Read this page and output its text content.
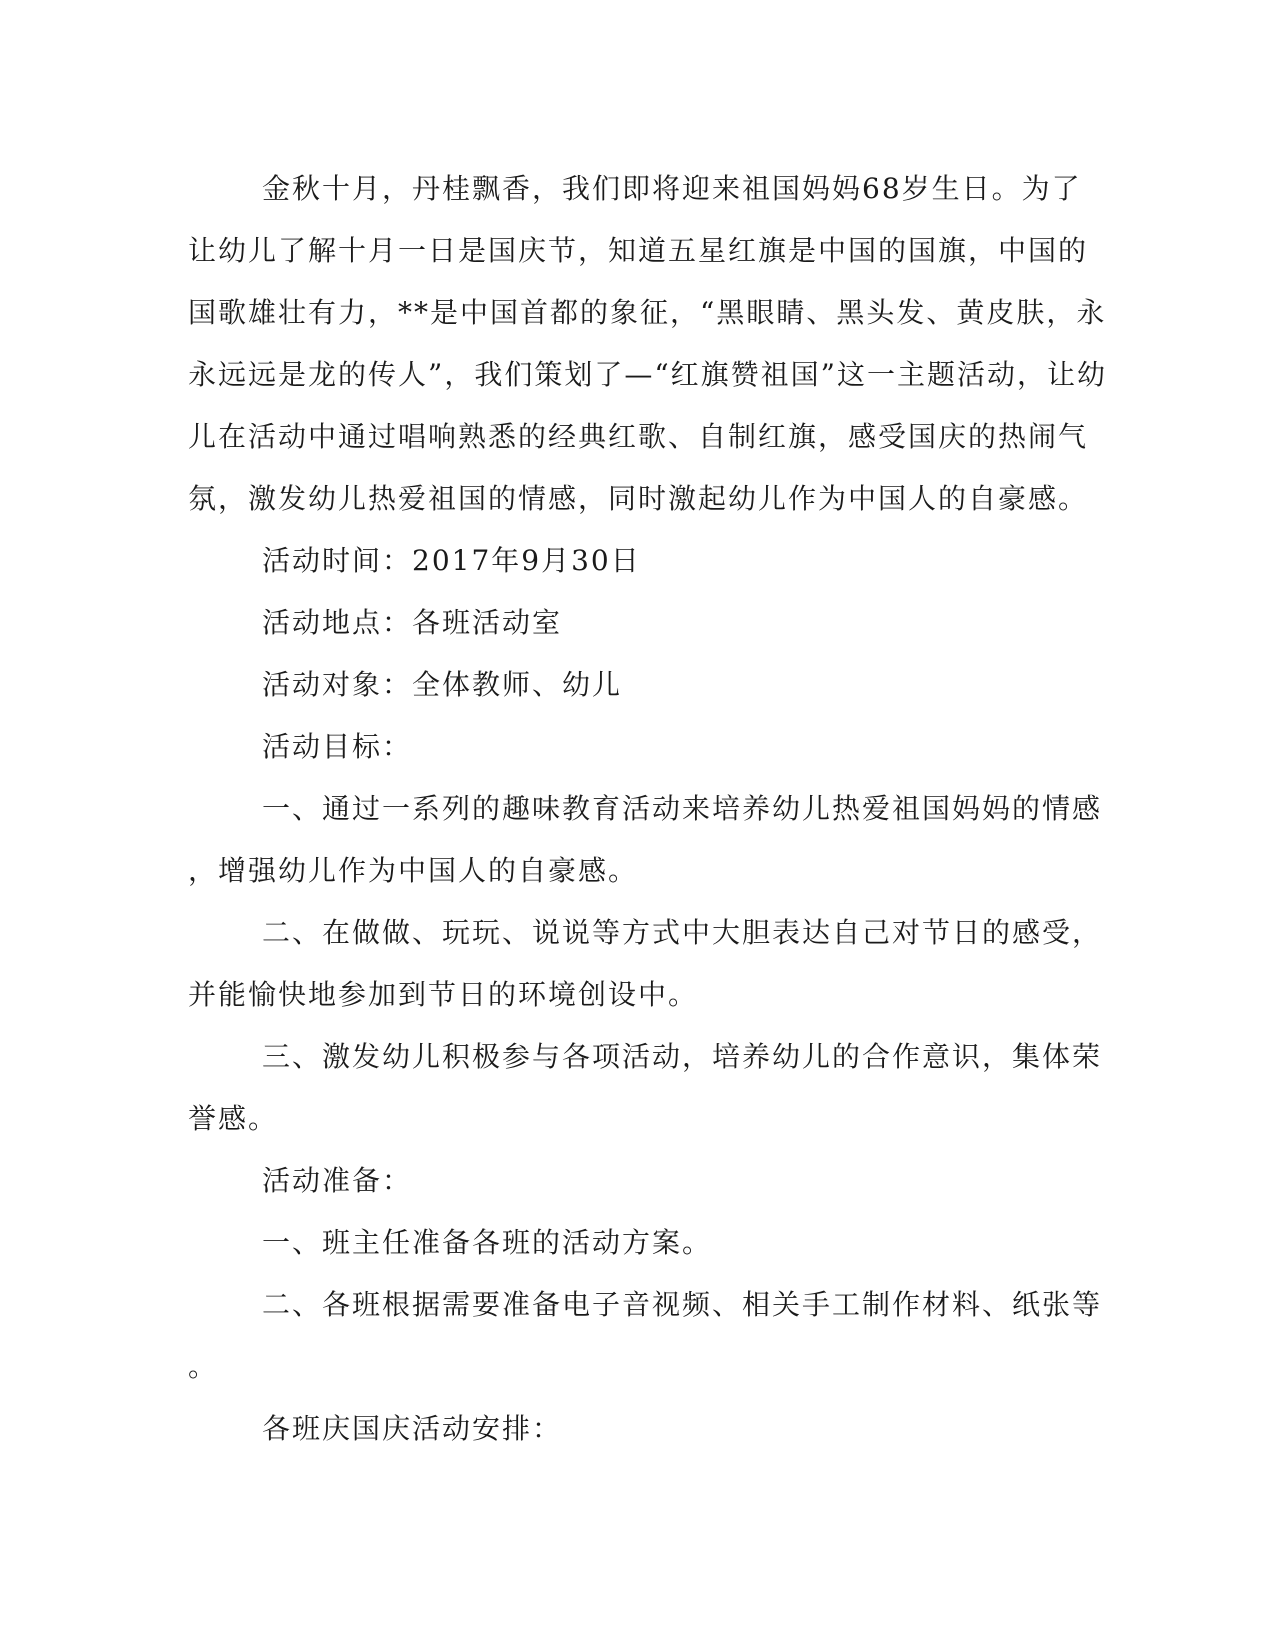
金秋十月，丹桂飘香，我们即将迎来祖国妈妈68岁生日。为了
让幼儿了解十月一日是国庆节，知道五星红旗是中国的国旗，中国的
国歌雄壮有力，**是中国首都的象征，“黑眼睛、黑头发、黄皮肤，永
永远远是龙的传人”，我们策划了—“红旗赞祖国”这一主题活动，让幼
儿在活动中通过唱响熟悉的经典红歌、自制红旗，感受国庆的热闹气
氛，激发幼儿热爱祖国的情感，同时激起幼儿作为中国人的自豪感。
活动时间：2017年9月30日
活动地点：各班活动室
活动对象：全体教师、幼儿
活动目标：
一、通过一系列的趣味教育活动来培养幼儿热爱祖国妈妈的情感
，增强幼儿作为中国人的自豪感。
二、在做做、玩玩、说说等方式中大胆表达自己对节日的感受，
并能愉快地参加到节日的环境创设中。
三、激发幼儿积极参与各项活动，培养幼儿的合作意识，集体荣
誉感。
活动准备：
一、班主任准备各班的活动方案。
二、各班根据需要准备电子音视频、相关手工制作材料、纸张等
。
各班庆国庆活动安排：
